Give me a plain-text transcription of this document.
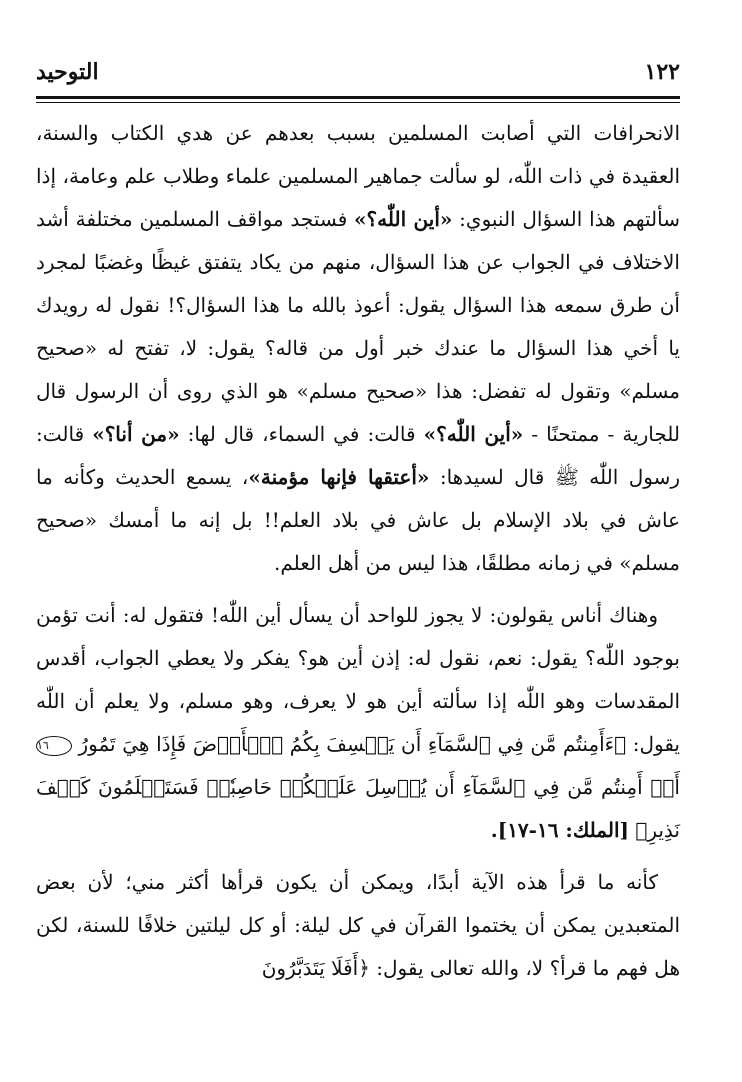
١٢٢
التوحيد

الانحرافات التي أصابت المسلمين بسبب بعدهم عن هدي الكتاب والسنة، العقيدة في ذات اللّٰه، لو سألت جماهير المسلمين علماء وطلاب علم وعامة، إذا سألتهم هذا السؤال النبوي: «أين اللّٰه؟» فستجد مواقف المسلمين مختلفة أشد الاختلاف في الجواب عن هذا السؤال، منهم من يكاد يتفتق غيظًا وغضبًا لمجرد أن طرق سمعه هذا السؤال يقول: أعوذ بالله ما هذا السؤال؟! نقول له رويدك يا أخي هذا السؤال ما عندك خبر أول من قاله؟ يقول: لا، تفتح له «صحيح مسلم» وتقول له تفضل: هذا «صحيح مسلم» هو الذي روى أن الرسول قال للجارية - ممتحنًا - «أين اللّٰه؟» قالت: في السماء، قال لها: «من أنا؟» قالت: رسول اللّٰه ﷺ قال لسيدها: «أعتقها فإنها مؤمنة»، يسمع الحديث وكأنه ما عاش في بلاد الإسلام بل عاش في بلاد العلم!! بل إنه ما أمسك «صحيح مسلم» في زمانه مطلقًا، هذا ليس من أهل العلم.

وهناك أناس يقولون: لا يجوز للواحد أن يسأل أين اللّٰه! فتقول له: أنت تؤمن بوجود اللّٰه؟ يقول: نعم، نقول له: إذن أين هو؟ يفكر ولا يعطي الجواب، أقدس المقدسات وهو اللّٰه إذا سألته أين هو لا يعرف، وهو مسلم، ولا يعلم أن اللّٰه يقول: ﴿ءَأَمِنتُم مَّن فِي ٱلسَّمَآءِ أَن يَخۡسِفَ بِكُمُ ٱلۡأَرۡضَ فَإِذَا هِيَ تَمُورُ ١٦ أَمۡ أَمِنتُم مَّن فِي ٱلسَّمَآءِ أَن يُرۡسِلَ عَلَيۡكُمۡ حَاصِبٗاۖ فَسَتَعۡلَمُونَ كَيۡفَ نَذِيرِ﴾ [الملك: ١٦-١٧].

كأنه ما قرأ هذه الآية أبدًا، ويمكن أن يكون قرأها أكثر مني؛ لأن بعض المتعبدين يمكن أن يختموا القرآن في كل ليلة: أو كل ليلتين خلافًا للسنة، لكن هل فهم ما قرأ؟ لا، والله تعالى يقول: ﴿أَفَلَا يَتَدَبَّرُونَ
